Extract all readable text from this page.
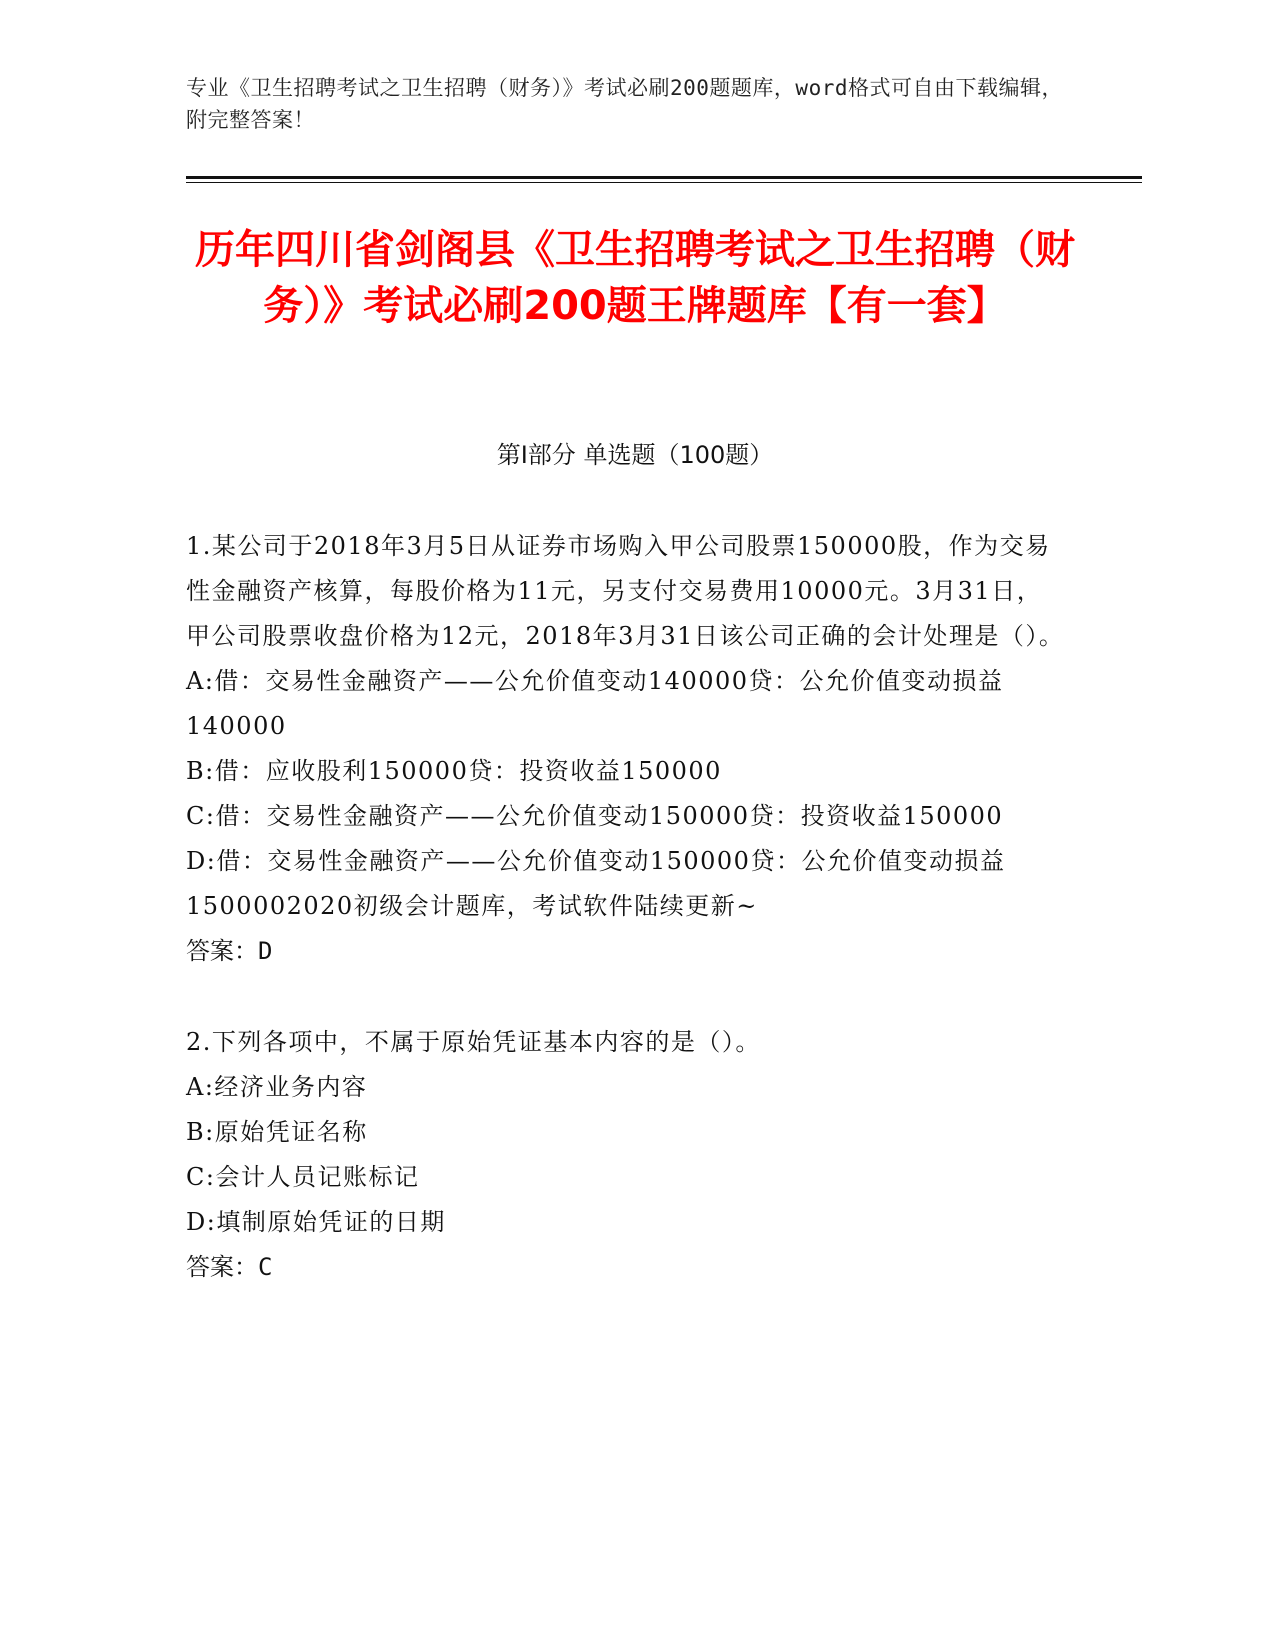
专业《卫生招聘考试之卫生招聘（财务）》考试必刷200题题库，word格式可自由下载编辑，附完整答案！
历年四川省剑阁县《卫生招聘考试之卫生招聘（财务）》考试必刷200题王牌题库【有一套】
第Ⅰ部分 单选题（100题）

1.某公司于2018年3月5日从证券市场购入甲公司股票150000股，作为交易性金融资产核算，每股价格为11元，另支付交易费用10000元。3月31日，甲公司股票收盘价格为12元，2018年3月31日该公司正确的会计处理是（）。

A:借：交易性金融资产——公允价值变动140000贷：公允价值变动损益140000

B:借：应收股利150000贷：投资收益150000

C:借：交易性金融资产——公允价值变动150000贷：投资收益150000

D:借：交易性金融资产——公允价值变动150000贷：公允价值变动损益1500002020初级会计题库，考试软件陆续更新~

答案：D

2.下列各项中，不属于原始凭证基本内容的是（）。

A:经济业务内容

B:原始凭证名称

C:会计人员记账标记

D:填制原始凭证的日期

答案：C
